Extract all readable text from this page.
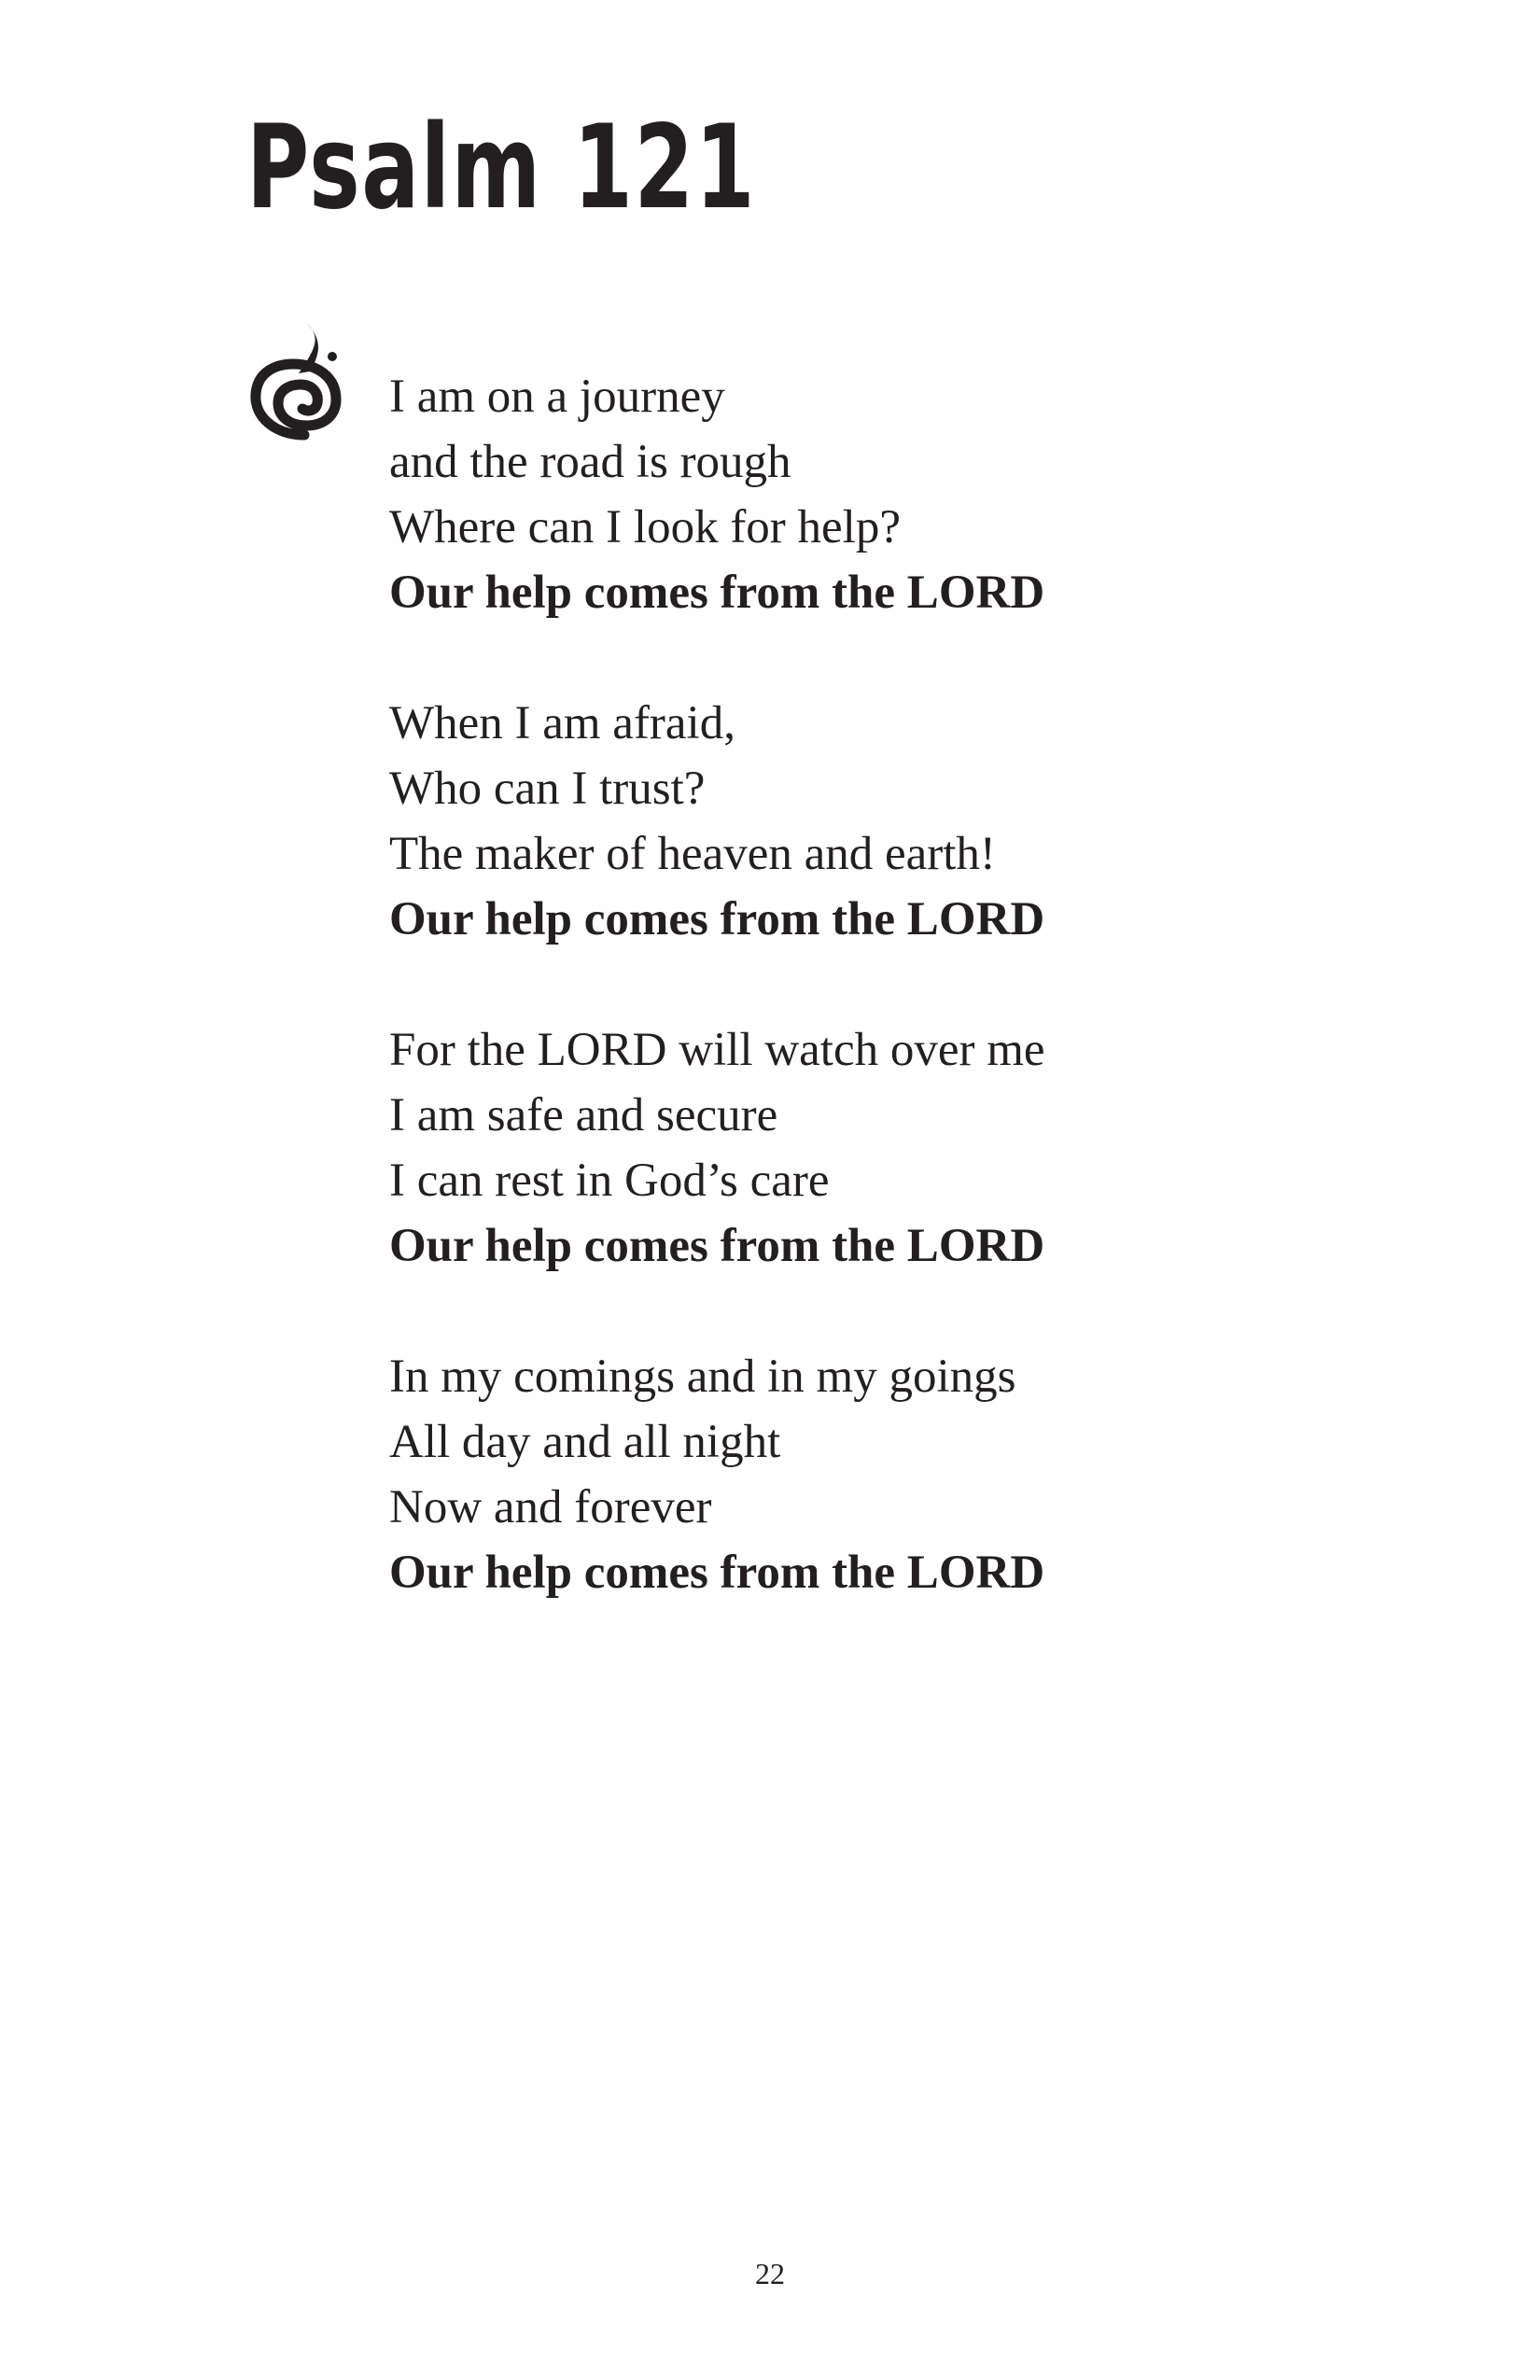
Psalm 121
I am on a journey
and the road is rough
Where can I look for help?
Our help comes from the LORD
When I am afraid,
Who can I trust?
The maker of heaven and earth!
Our help comes from the LORD
For the LORD will watch over me
I am safe and secure
I can rest in God’s care
Our help comes from the LORD
In my comings and in my goings
All day and all night
Now and forever
Our help comes from the LORD
22
